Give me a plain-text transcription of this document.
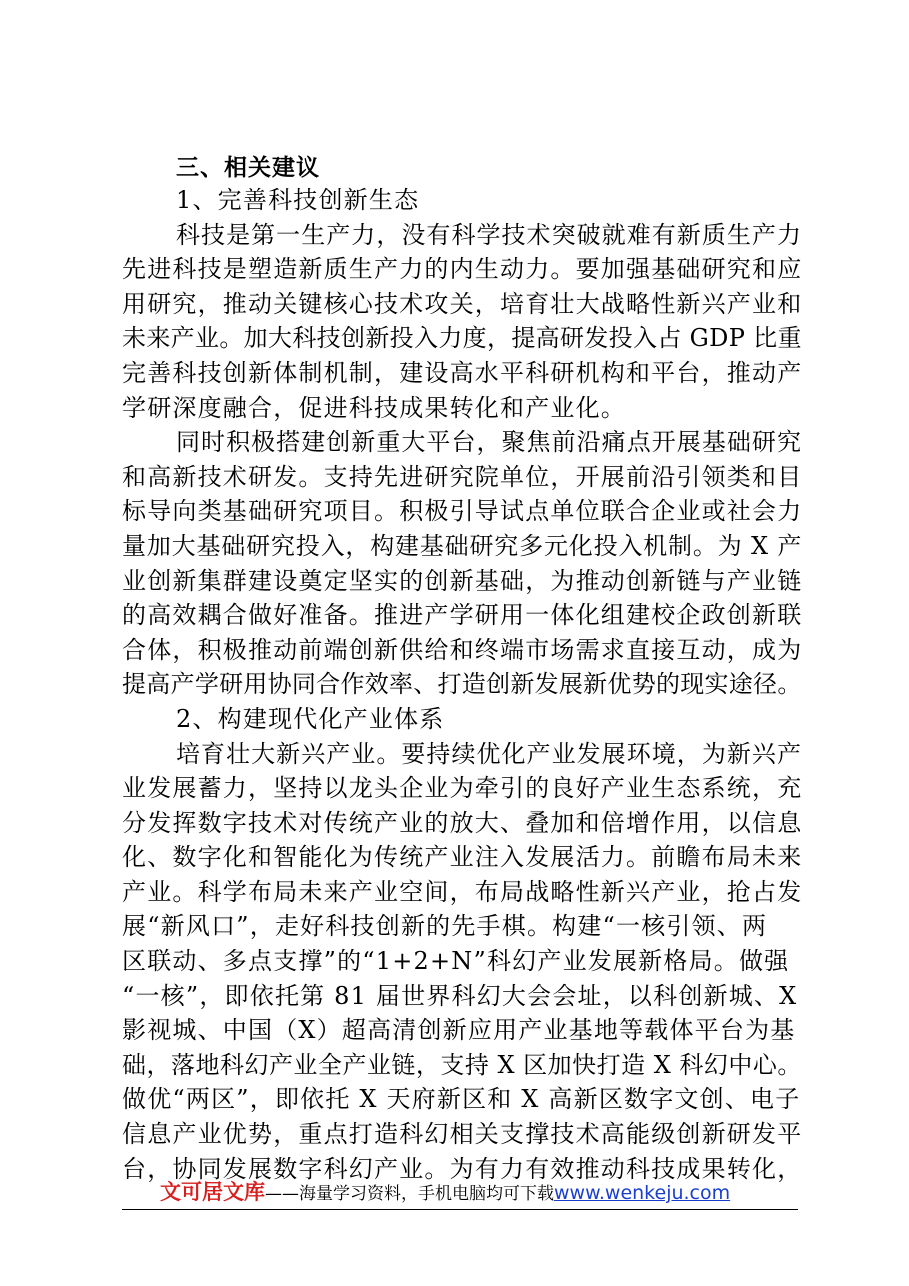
三、相关建议
1、完善科技创新生态
科技是第一生产力，没有科学技术突破就难有新质生产力
先进科技是塑造新质生产力的内生动力。要加强基础研究和应
用研究，推动关键核心技术攻关，培育壮大战略性新兴产业和
未来产业。加大科技创新投入力度，提高研发投入占 GDP 比重
完善科技创新体制机制，建设高水平科研机构和平台，推动产
学研深度融合，促进科技成果转化和产业化。
同时积极搭建创新重大平台，聚焦前沿痛点开展基础研究
和高新技术研发。支持先进研究院单位，开展前沿引领类和目
标导向类基础研究项目。积极引导试点单位联合企业或社会力
量加大基础研究投入，构建基础研究多元化投入机制。为 X 产
业创新集群建设奠定坚实的创新基础，为推动创新链与产业链
的高效耦合做好准备。推进产学研用一体化组建校企政创新联
合体，积极推动前端创新供给和终端市场需求直接互动，成为
提高产学研用协同合作效率、打造创新发展新优势的现实途径。
2、构建现代化产业体系
培育壮大新兴产业。要持续优化产业发展环境，为新兴产
业发展蓄力，坚持以龙头企业为牵引的良好产业生态系统，充
分发挥数字技术对传统产业的放大、叠加和倍增作用，以信息
化、数字化和智能化为传统产业注入发展活力。前瞻布局未来
产业。科学布局未来产业空间，布局战略性新兴产业，抢占发
展“新风口”，走好科技创新的先手棋。构建“一核引领、两
区联动、多点支撑”的“1+2+N”科幻产业发展新格局。做强
“一核”，即依托第 81 届世界科幻大会会址，以科创新城、X
影视城、中国（X）超高清创新应用产业基地等载体平台为基
础，落地科幻产业全产业链，支持 X 区加快打造 X 科幻中心。
做优“两区”，即依托 X 天府新区和 X 高新区数字文创、电子
信息产业优势，重点打造科幻相关支撑技术高能级创新研发平
台，协同发展数字科幻产业。为有力有效推动科技成果转化，
文可居文库——海量学习资料，手机电脑均可下载www.wenkeju.com
